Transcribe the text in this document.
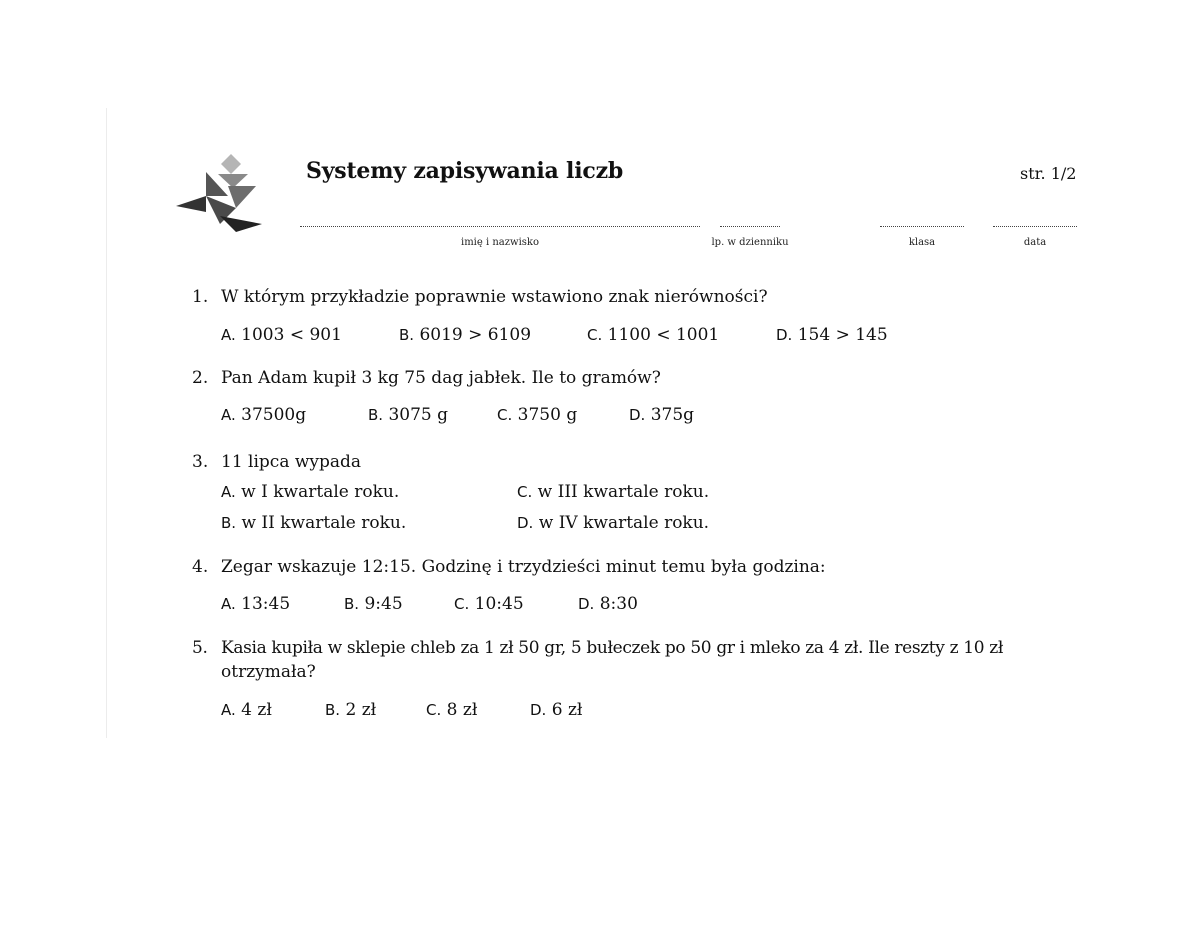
Systemy zapisywania liczb	str. 1/2
imię i nazwisko	lp. w dzienniku	klasa	data
1. W którym przykładzie poprawnie wstawiono znak nierówności?
A. 1003 < 901	B. 6019 > 6109	C. 1100 < 1001	D. 154 > 145
2. Pan Adam kupił 3 kg 75 dag jabłek. Ile to gramów?
A. 37500g	B. 3075 g	C. 3750 g	D. 375g
3. 11 lipca wypada
A. w I kwartale roku.	C. w III kwartale roku.
B. w II kwartale roku.	D. w IV kwartale roku.
4. Zegar wskazuje 12:15. Godzinę i trzydzieści minut temu była godzina:
A. 13:45	B. 9:45	C. 10:45	D. 8:30
5. Kasia kupiła w sklepie chleb za 1 zł 50 gr, 5 bułeczek po 50 gr i mleko za 4 zł. Ile reszty z 10 zł
otrzymała?
A. 4 zł	B. 2 zł	C. 8 zł	D. 6 zł
